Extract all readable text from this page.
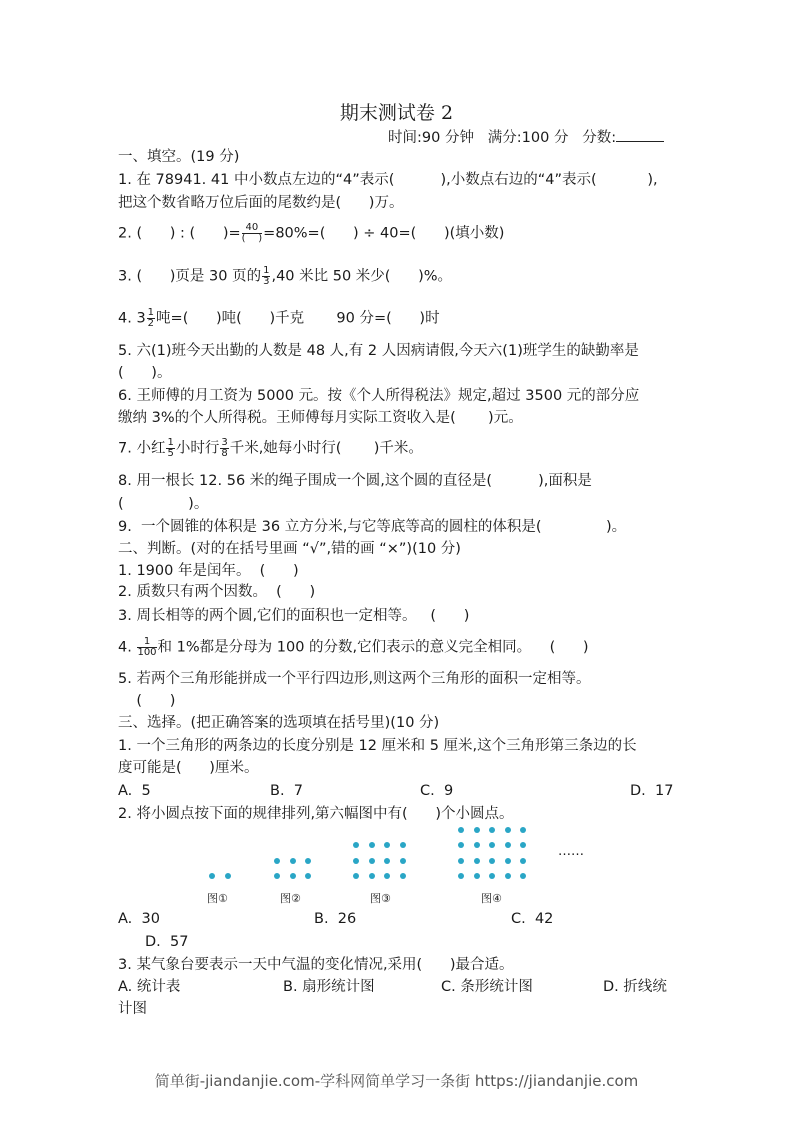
期末测试卷 2
时间:90 分钟 满分:100 分 分数:
一、填空。(19 分)
1. 在 78941. 41 中小数点左边的“4”表示(          ),小数点右边的“4”表示(           ),
把这个数省略万位后面的尾数约是(      )万。
2. (      ) : (      )= $\frac{40}{( )} =80\%=$(      ) ÷ 40=(      )(填小数)
3. (      )页是 30 页的 $\frac{1}{3} ,40$ 米比 50 米少(      )%。
4. $3 \frac{1}{2}$ 吨=(      )吨(      )千克       90 分=(      )时
5. 六(1)班今天出勤的人数是 48 人,有 2 人因病请假,今天六(1)班学生的缺勤率是
(      )。
6. 王师傅的月工资为 5000 元。按《个人所得税法》规定,超过 3500 元的部分应
缴纳 3%的个人所得税。王师傅每月实际工资收入是(       )元。
7. 小红 $\frac{1}{5}$ 小时行 $\frac{3}{8}$ 千米,她每小时行(       )千米。
8. 用一根长 12. 56 米的绳子围成一个圆,这个圆的直径是(          ),面积是
(              )。
9.  一个圆锥的体积是 36 立方分米,与它等底等高的圆柱的体积是(              )。
二、判断。(对的在括号里画 “√”,错的画 “×”)(10 分)
1. 1900 年是闰年。  (      )
2. 质数只有两个因数。  (      )
3. 周长相等的两个圆,它们的面积也一定相等。   (      )
4. $\frac{1}{100}$ 和 1%都是分母为 100 的分数,它们表示的意义完全相同。    (      )
5. 若两个三角形能拼成一个平行四边形,则这两个三角形的面积一定相等。
(      )
三、选择。(把正确答案的选项填在括号里)(10 分)
1. 一个三角形的两条边的长度分别是 12 厘米和 5 厘米,这个三角形第三条边的长
度可能是(      )厘米。
A.  5	B.  7	C.  9	D.  17
2. 将小圆点按下面的规律排列,第六幅图中有(      )个小圆点。
图①	图②	图③	图④
……
A.  30	B.  26	C.  42
D.  57
3. 某气象台要表示一天中气温的变化情况,采用(      )最合适。
A. 统计表	B. 扇形统计图	C. 条形统计图	D. 折线统
计图
简单街-jiandanjie.com-学科网简单学习一条街 https://jiandanjie.com
